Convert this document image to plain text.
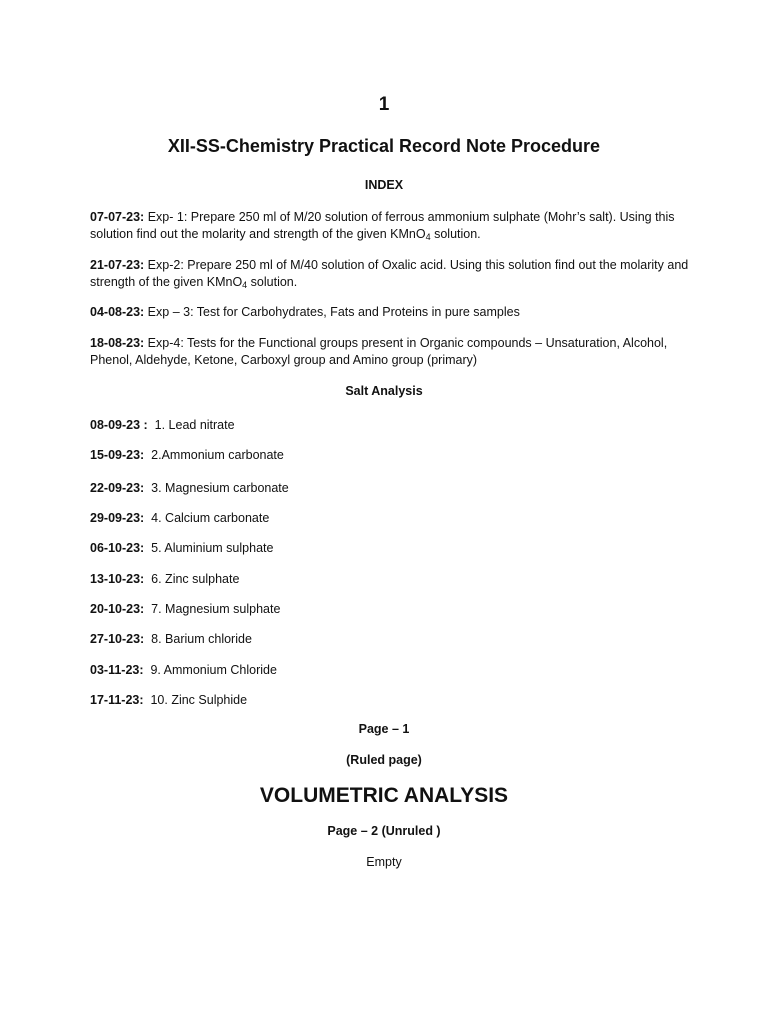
1
XII-SS-Chemistry Practical Record Note Procedure
INDEX
07-07-23: Exp- 1: Prepare 250 ml of M/20 solution of ferrous ammonium sulphate (Mohr’s salt). Using this solution find out the molarity and strength of the given KMnO$_4$ solution.
21-07-23: Exp-2: Prepare 250 ml of M/40 solution of Oxalic acid. Using this solution find out the molarity and strength of the given KMnO$_4$ solution.
04-08-23: Exp – 3: Test for Carbohydrates, Fats and Proteins in pure samples
18-08-23: Exp-4: Tests for the Functional groups present in Organic compounds – Unsaturation, Alcohol, Phenol, Aldehyde, Ketone, Carboxyl group and Amino group (primary)
Salt Analysis
08-09-23 : 1. Lead nitrate
15-09-23: 2.Ammonium carbonate
22-09-23: 3. Magnesium carbonate
29-09-23: 4. Calcium carbonate
06-10-23: 5. Aluminium sulphate
13-10-23: 6. Zinc sulphate
20-10-23: 7. Magnesium sulphate
27-10-23: 8. Barium chloride
03-11-23: 9. Ammonium Chloride
17-11-23: 10. Zinc Sulphide
Page – 1
(Ruled page)
VOLUMETRIC ANALYSIS
Page – 2 (Unruled )
Empty
